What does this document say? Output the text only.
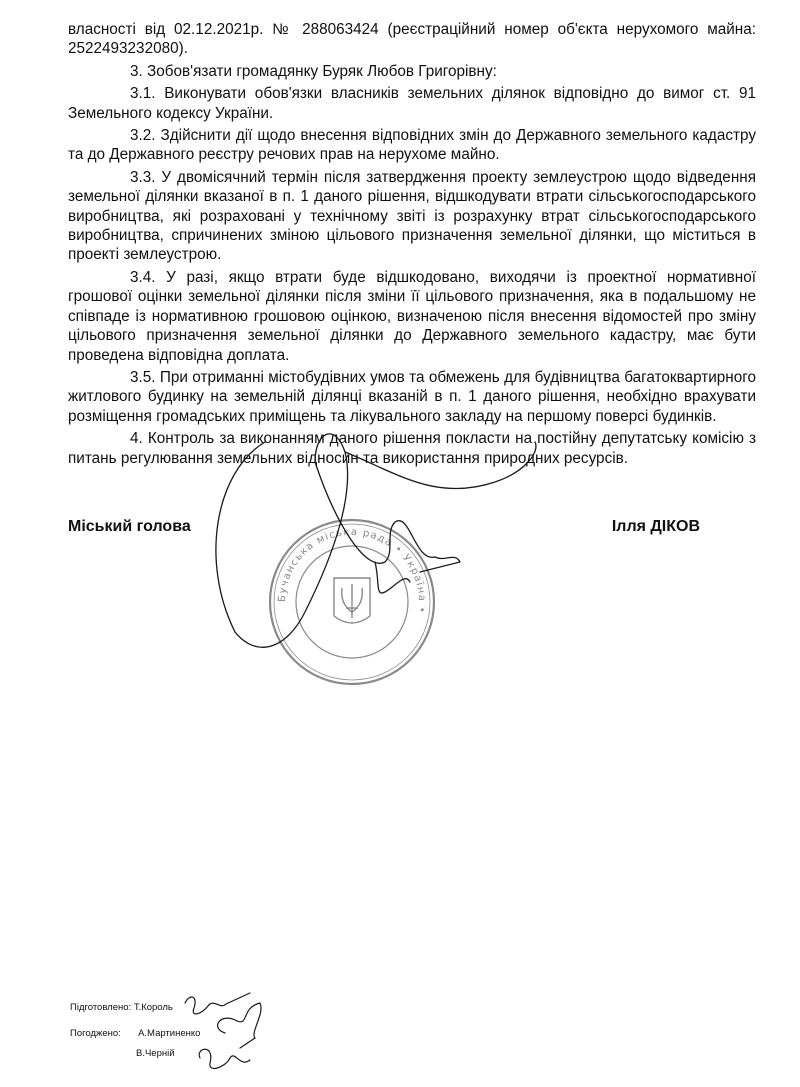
власності від 02.12.2021р. № 288063424 (реєстраційний номер об'єкта нерухомого майна: 2522493232080).

3. Зобов'язати громадянку Буряк Любов Григорівну:

3.1. Виконувати обов'язки власників земельних ділянок відповідно до вимог ст. 91 Земельного кодексу України.

3.2. Здійснити дії щодо внесення відповідних змін до Державного земельного кадастру та до Державного реєстру речових прав на нерухоме майно.

3.3. У двомісячний термін після затвердження проекту землеустрою щодо відведення земельної ділянки вказаної в п. 1 даного рішення, відшкодувати втрати сільськогосподарського виробництва, які розраховані у технічному звіті із розрахунку втрат сільськогосподарського виробництва, спричинених зміною цільового призначення земельної ділянки, що міститься в проекті землеустрою.

3.4. У разі, якщо втрати буде відшкодовано, виходячи із проектної нормативної грошової оцінки земельної ділянки після зміни її цільового призначення, яка в подальшому не співпаде із нормативною грошовою оцінкою, визначеною після внесення відомостей про зміну цільового призначення земельної ділянки до Державного земельного кадастру, має бути проведена відповідна доплата.

3.5. При отриманні містобудівних умов та обмежень для будівництва багатоквартирного житлового будинку на земельній ділянці вказаній в п. 1 даного рішення, необхідно врахувати розміщення громадських приміщень та лікувального закладу на першому поверсі будинків.

4. Контроль за виконанням даного рішення покласти на постійну депутатську комісію з питань регулювання земельних відносин та використання природних ресурсів.

Міський голова	Ілля ДІКОВ
Бучанська міська рада • Україна •
Підготовлено: Т.Король
Погоджено: А.Мартиненко
В.Черній
